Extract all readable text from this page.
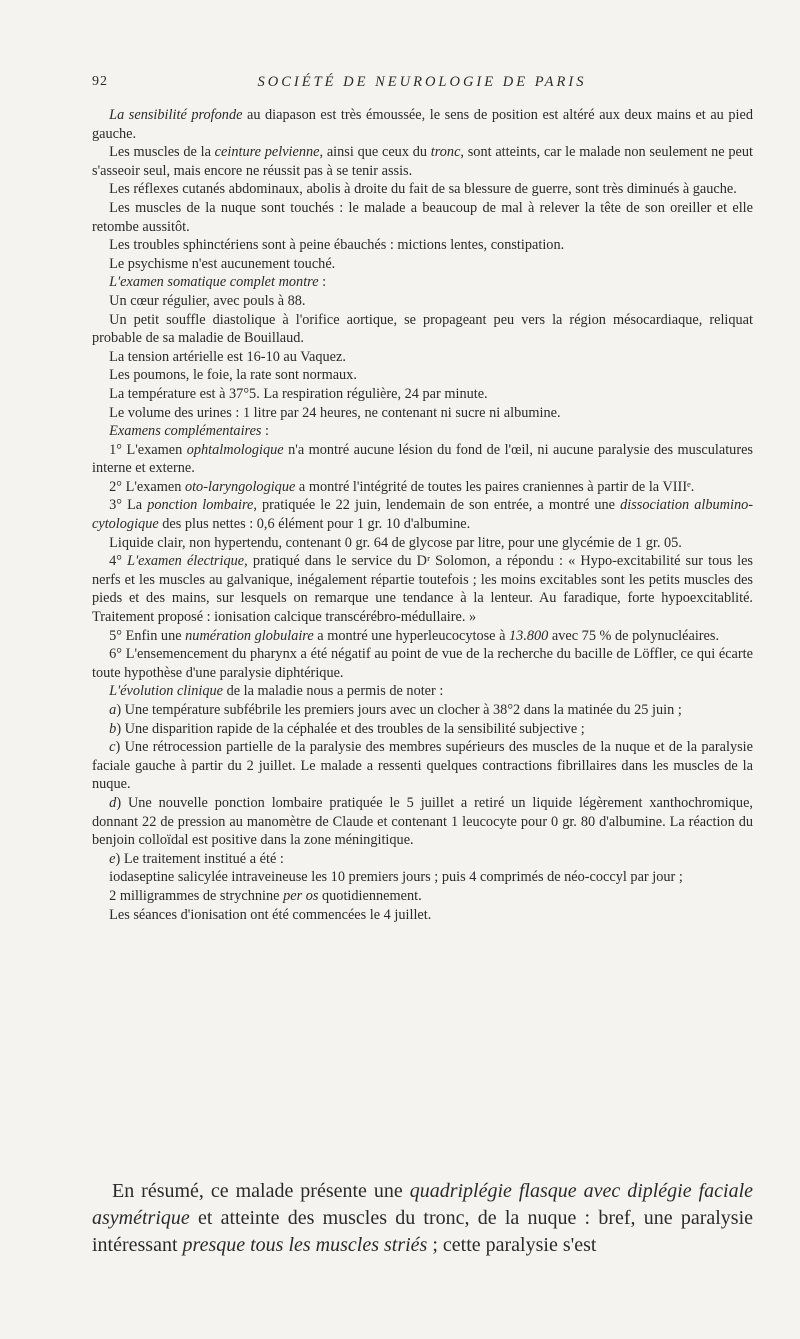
92	SOCIÉTÉ DE NEUROLOGIE DE PARIS

La sensibilité profonde au diapason est très émoussée, le sens de position est altéré aux deux mains et au pied gauche.

Les muscles de la ceinture pelvienne, ainsi que ceux du tronc, sont atteints, car le malade non seulement ne peut s'asseoir seul, mais encore ne réussit pas à se tenir assis.

Les réflexes cutanés abdominaux, abolis à droite du fait de sa blessure de guerre, sont très diminués à gauche.

Les muscles de la nuque sont touchés : le malade a beaucoup de mal à relever la tête de son oreiller et elle retombe aussitôt.

Les troubles sphinctériens sont à peine ébauchés : mictions lentes, constipation.

Le psychisme n'est aucunement touché.

L'examen somatique complet montre :

Un cœur régulier, avec pouls à 88.

Un petit souffle diastolique à l'orifice aortique, se propageant peu vers la région mésocardiaque, reliquat probable de sa maladie de Bouillaud.

La tension artérielle est 16-10 au Vaquez.

Les poumons, le foie, la rate sont normaux.

La température est à 37°5. La respiration régulière, 24 par minute.

Le volume des urines : 1 litre par 24 heures, ne contenant ni sucre ni albumine.

Examens complémentaires :

1° L'examen ophtalmologique n'a montré aucune lésion du fond de l'œil, ni aucune paralysie des musculatures interne et externe.

2° L'examen oto-laryngologique a montré l'intégrité de toutes les paires craniennes à partir de la VIIIᵉ.

3° La ponction lombaire, pratiquée le 22 juin, lendemain de son entrée, a montré une dissociation albumino-cytologique des plus nettes : 0,6 élément pour 1 gr. 10 d'albumine.

Liquide clair, non hypertendu, contenant 0 gr. 64 de glycose par litre, pour une glycémie de 1 gr. 05.

4° L'examen électrique, pratiqué dans le service du Dʳ Solomon, a répondu : « Hypo-excitabilité sur tous les nerfs et les muscles au galvanique, inégalement répartie toutefois ; les moins excitables sont les petits muscles des pieds et des mains, sur lesquels on remarque une tendance à la lenteur. Au faradique, forte hypoexcitablité. Traitement proposé : ionisation calcique transcérébro-médullaire. »

5° Enfin une numération globulaire a montré une hyperleucocytose à 13.800 avec 75 % de polynucléaires.

6° L'ensemencement du pharynx a été négatif au point de vue de la recherche du bacille de Löffler, ce qui écarte toute hypothèse d'une paralysie diphtérique.

L'évolution clinique de la maladie nous a permis de noter :

a) Une température subfébrile les premiers jours avec un clocher à 38°2 dans la matinée du 25 juin ;

b) Une disparition rapide de la céphalée et des troubles de la sensibilité subjective ;

c) Une rétrocession partielle de la paralysie des membres supérieurs des muscles de la nuque et de la paralysie faciale gauche à partir du 2 juillet. Le malade a ressenti quelques contractions fibrillaires dans les muscles de la nuque.

d) Une nouvelle ponction lombaire pratiquée le 5 juillet a retiré un liquide légèrement xanthochromique, donnant 22 de pression au manomètre de Claude et contenant 1 leucocyte pour 0 gr. 80 d'albumine. La réaction du benjoin colloïdal est positive dans la zone méningitique.

e) Le traitement institué a été :

iodaseptine salicylée intraveineuse les 10 premiers jours ; puis 4 comprimés de néo-coccyl par jour ;

2 milligrammes de strychnine per os quotidiennement.

Les séances d'ionisation ont été commencées le 4 juillet.

En résumé, ce malade présente une quadriplégie flasque avec diplégie faciale asymétrique et atteinte des muscles du tronc, de la nuque : bref, une paralysie intéressant presque tous les muscles striés ; cette paralysie s'est
